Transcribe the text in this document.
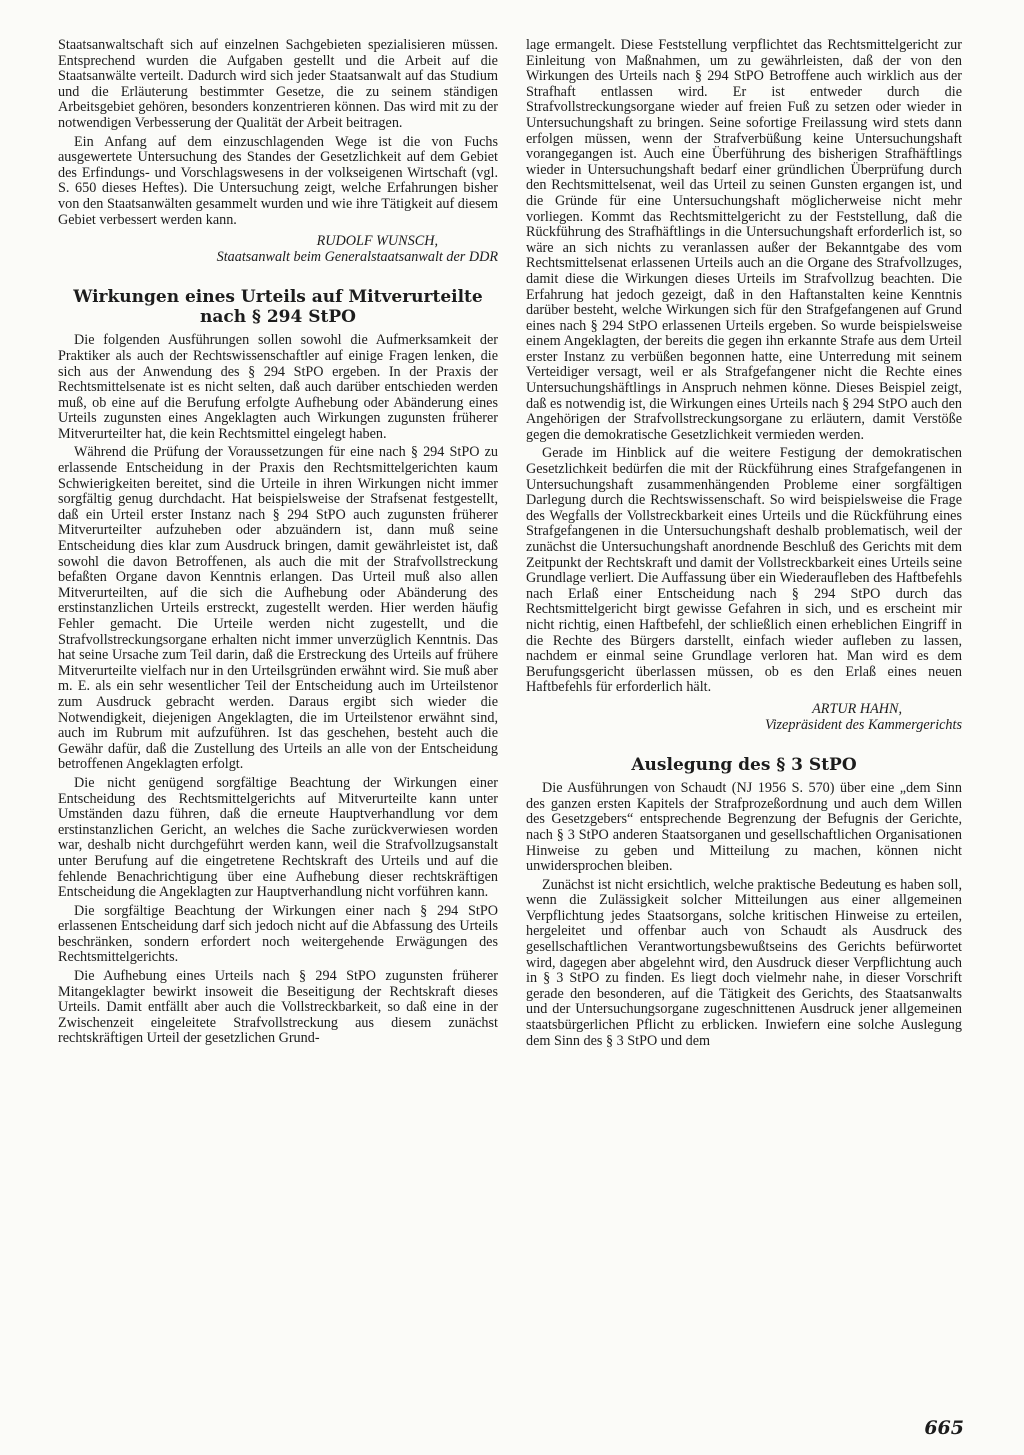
Staatsanwaltschaft sich auf einzelnen Sachgebieten spezialisieren müssen. Entsprechend wurden die Aufgaben gestellt und die Arbeit auf die Staatsanwälte verteilt. Dadurch wird sich jeder Staatsanwalt auf das Studium und die Erläuterung bestimmter Gesetze, die zu seinem ständigen Arbeitsgebiet gehören, besonders konzentrieren können. Das wird mit zu der notwendigen Verbesserung der Qualität der Arbeit beitragen.

Ein Anfang auf dem einzuschlagenden Wege ist die von Fuchs ausgewertete Untersuchung des Standes der Gesetzlichkeit auf dem Gebiet des Erfindungs- und Vorschlagswesens in der volkseigenen Wirtschaft (vgl. S. 650 dieses Heftes). Die Untersuchung zeigt, welche Erfahrungen bisher von den Staatsanwälten gesammelt wurden und wie ihre Tätigkeit auf diesem Gebiet verbessert werden kann.

RUDOLF WUNSCH,
Staatsanwalt beim Generalstaatsanwalt der DDR
Wirkungen eines Urteils auf Mitverurteilte nach § 294 StPO

Die folgenden Ausführungen sollen sowohl die Aufmerksamkeit der Praktiker als auch der Rechtswissenschaftler auf einige Fragen lenken, die sich aus der Anwendung des § 294 StPO ergeben. In der Praxis der Rechtsmittelsenate ist es nicht selten, daß auch darüber entschieden werden muß, ob eine auf die Berufung erfolgte Aufhebung oder Abänderung eines Urteils zugunsten eines Angeklagten auch Wirkungen zugunsten früherer Mitverurteilter hat, die kein Rechtsmittel eingelegt haben.

Während die Prüfung der Voraussetzungen für eine nach § 294 StPO zu erlassende Entscheidung in der Praxis den Rechtsmittelgerichten kaum Schwierigkeiten bereitet, sind die Urteile in ihren Wirkungen nicht immer sorgfältig genug durchdacht. Hat beispielsweise der Strafsenat festgestellt, daß ein Urteil erster Instanz nach § 294 StPO auch zugunsten früherer Mitverurteilter aufzuheben oder abzuändern ist, dann muß seine Entscheidung dies klar zum Ausdruck bringen, damit gewährleistet ist, daß sowohl die davon Betroffenen, als auch die mit der Strafvollstreckung befaßten Organe davon Kenntnis erlangen. Das Urteil muß also allen Mitverurteilten, auf die sich die Aufhebung oder Abänderung des erstinstanzlichen Urteils erstreckt, zugestellt werden. Hier werden häufig Fehler gemacht. Die Urteile werden nicht zugestellt, und die Strafvollstreckungsorgane erhalten nicht immer unverzüglich Kenntnis. Das hat seine Ursache zum Teil darin, daß die Erstreckung des Urteils auf frühere Mitverurteilte vielfach nur in den Urteilsgründen erwähnt wird. Sie muß aber m. E. als ein sehr wesentlicher Teil der Entscheidung auch im Urteilstenor zum Ausdruck gebracht werden. Daraus ergibt sich wieder die Notwendigkeit, diejenigen Angeklagten, die im Urteilstenor erwähnt sind, auch im Rubrum mit aufzuführen. Ist das geschehen, besteht auch die Gewähr dafür, daß die Zustellung des Urteils an alle von der Entscheidung betroffenen Angeklagten erfolgt.

Die nicht genügend sorgfältige Beachtung der Wirkungen einer Entscheidung des Rechtsmittelgerichts auf Mitverurteilte kann unter Umständen dazu führen, daß die erneute Hauptverhandlung vor dem erstinstanzlichen Gericht, an welches die Sache zurückverwiesen worden war, deshalb nicht durchgeführt werden kann, weil die Strafvollzugsanstalt unter Berufung auf die eingetretene Rechtskraft des Urteils und auf die fehlende Benachrichtigung über eine Aufhebung dieser rechtskräftigen Entscheidung die Angeklagten zur Hauptverhandlung nicht vorführen kann.

Die sorgfältige Beachtung der Wirkungen einer nach § 294 StPO erlassenen Entscheidung darf sich jedoch nicht auf die Abfassung des Urteils beschränken, sondern erfordert noch weitergehende Erwägungen des Rechtsmittelgerichts.

Die Aufhebung eines Urteils nach § 294 StPO zugunsten früherer Mitangeklagter bewirkt insoweit die Beseitigung der Rechtskraft dieses Urteils. Damit entfällt aber auch die Vollstreckbarkeit, so daß eine in der Zwischenzeit eingeleitete Strafvollstreckung aus diesem zunächst rechtskräftigen Urteil der gesetzlichen Grund-

lage ermangelt. Diese Feststellung verpflichtet das Rechtsmittelgericht zur Einleitung von Maßnahmen, um zu gewährleisten, daß der von den Wirkungen des Urteils nach § 294 StPO Betroffene auch wirklich aus der Strafhaft entlassen wird. Er ist entweder durch die Strafvollstreckungsorgane wieder auf freien Fuß zu setzen oder wieder in Untersuchungshaft zu bringen. Seine sofortige Freilassung wird stets dann erfolgen müssen, wenn der Strafverbüßung keine Untersuchungshaft vorangegangen ist. Auch eine Überführung des bisherigen Strafhäftlings wieder in Untersuchungshaft bedarf einer gründlichen Überprüfung durch den Rechtsmittelsenat, weil das Urteil zu seinen Gunsten ergangen ist, und die Gründe für eine Untersuchungshaft möglicherweise nicht mehr vorliegen. Kommt das Rechtsmittelgericht zu der Feststellung, daß die Rückführung des Strafhäftlings in die Untersuchungshaft erforderlich ist, so wäre an sich nichts zu veranlassen außer der Bekanntgabe des vom Rechtsmittelsenat erlassenen Urteils auch an die Organe des Strafvollzuges, damit diese die Wirkungen dieses Urteils im Strafvollzug beachten. Die Erfahrung hat jedoch gezeigt, daß in den Haftanstalten keine Kenntnis darüber besteht, welche Wirkungen sich für den Strafgefangenen auf Grund eines nach § 294 StPO erlassenen Urteils ergeben. So wurde beispielsweise einem Angeklagten, der bereits die gegen ihn erkannte Strafe aus dem Urteil erster Instanz zu verbüßen begonnen hatte, eine Unterredung mit seinem Verteidiger versagt, weil er als Strafgefangener nicht die Rechte eines Untersuchungshäftlings in Anspruch nehmen könne. Dieses Beispiel zeigt, daß es notwendig ist, die Wirkungen eines Urteils nach § 294 StPO auch den Angehörigen der Strafvollstreckungsorgane zu erläutern, damit Verstöße gegen die demokratische Gesetzlichkeit vermieden werden.

Gerade im Hinblick auf die weitere Festigung der demokratischen Gesetzlichkeit bedürfen die mit der Rückführung eines Strafgefangenen in Untersuchungshaft zusammenhängenden Probleme einer sorgfältigen Darlegung durch die Rechtswissenschaft. So wird beispielsweise die Frage des Wegfalls der Vollstreckbarkeit eines Urteils und die Rückführung eines Strafgefangenen in die Untersuchungshaft deshalb problematisch, weil der zunächst die Untersuchungshaft anordnende Beschluß des Gerichts mit dem Zeitpunkt der Rechtskraft und damit der Vollstreckbarkeit eines Urteils seine Grundlage verliert. Die Auffassung über ein Wiederaufleben des Haftbefehls nach Erlaß einer Entscheidung nach § 294 StPO durch das Rechtsmittelgericht birgt gewisse Gefahren in sich, und es erscheint mir nicht richtig, einen Haftbefehl, der schließlich einen erheblichen Eingriff in die Rechte des Bürgers darstellt, einfach wieder aufleben zu lassen, nachdem er einmal seine Grundlage verloren hat. Man wird es dem Berufungsgericht überlassen müssen, ob es den Erlaß eines neuen Haftbefehls für erforderlich hält.

ARTUR HAHN,
Vizepräsident des Kammergerichts
Auslegung des § 3 StPO

Die Ausführungen von Schaudt (NJ 1956 S. 570) über eine „dem Sinn des ganzen ersten Kapitels der Strafprozeßordnung und auch dem Willen des Gesetzgebers“ entsprechende Begrenzung der Befugnis der Gerichte, nach § 3 StPO anderen Staatsorganen und gesellschaftlichen Organisationen Hinweise zu geben und Mitteilung zu machen, können nicht unwidersprochen bleiben.

Zunächst ist nicht ersichtlich, welche praktische Bedeutung es haben soll, wenn die Zulässigkeit solcher Mitteilungen aus einer allgemeinen Verpflichtung jedes Staatsorgans, solche kritischen Hinweise zu erteilen, hergeleitet und offenbar auch von Schaudt als Ausdruck des gesellschaftlichen Verantwortungsbewußtseins des Gerichts befürwortet wird, dagegen aber abgelehnt wird, den Ausdruck dieser Verpflichtung auch in § 3 StPO zu finden. Es liegt doch vielmehr nahe, in dieser Vorschrift gerade den besonderen, auf die Tätigkeit des Gerichts, des Staatsanwalts und der Untersuchungsorgane zugeschnittenen Ausdruck jener allgemeinen staatsbürgerlichen Pflicht zu erblicken. Inwiefern eine solche Auslegung dem Sinn des § 3 StPO und dem

665
